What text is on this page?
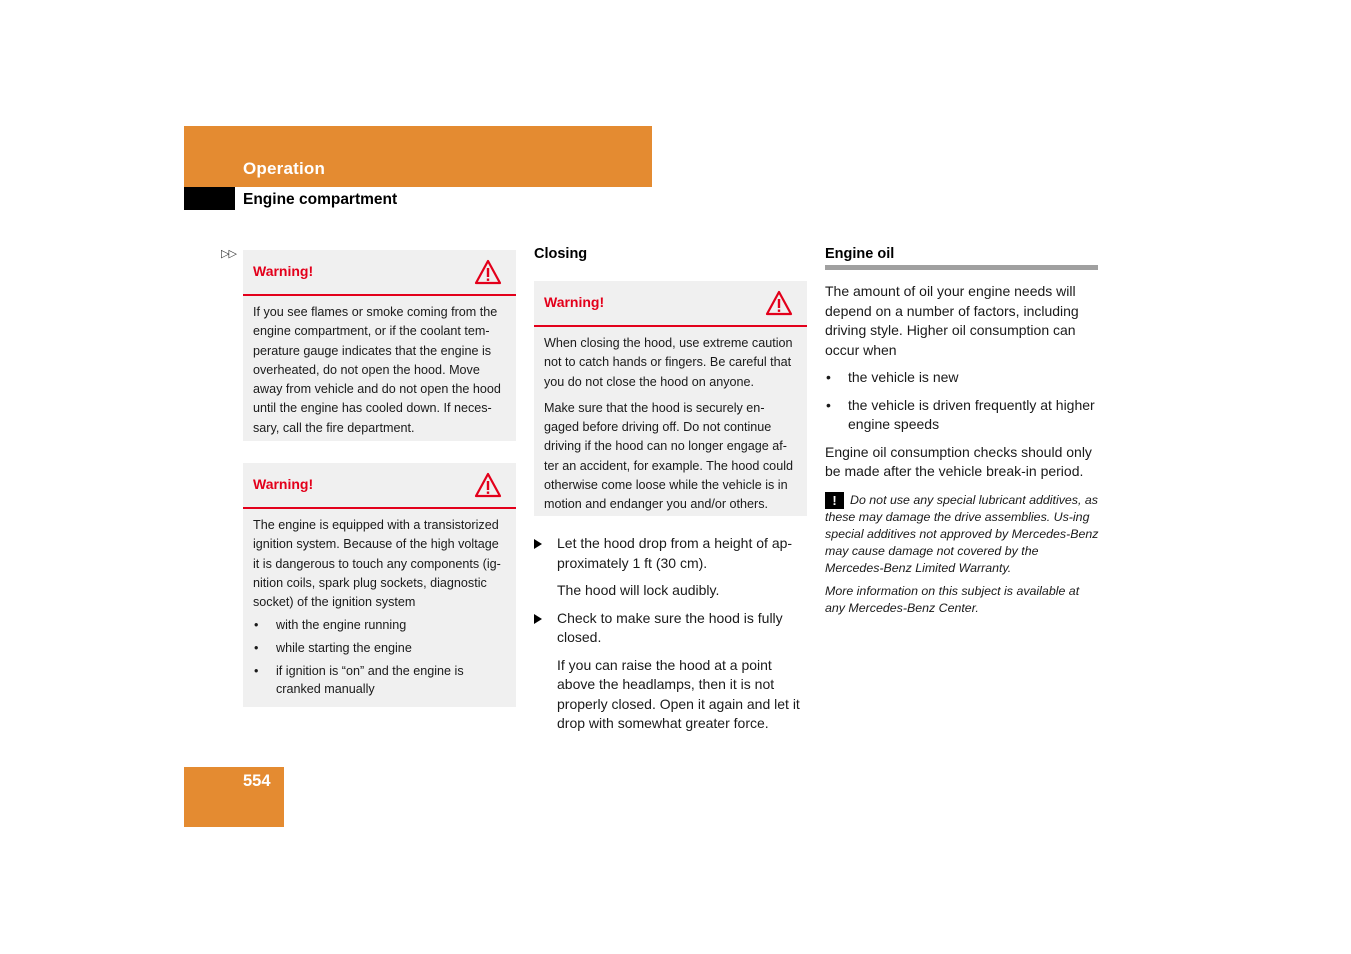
Operation
Engine compartment
▷▷
Warning!

If you see flames or smoke coming from the engine compartment, or if the coolant tem-perature gauge indicates that the engine is overheated, do not open the hood. Move away from vehicle and do not open the hood until the engine has cooled down. If neces-sary, call the fire department.

Warning!

The engine is equipped with a transistorized ignition system. Because of the high voltage it is dangerous to touch any components (ig-nition coils, spark plug sockets, diagnostic socket) of the ignition system

• with the engine running
• while starting the engine
• if ignition is “on” and the engine is cranked manually
Closing
Warning!

When closing the hood, use extreme caution not to catch hands or fingers. Be careful that you do not close the hood on anyone.

Make sure that the hood is securely en-gaged before driving off. Do not continue driving if the hood can no longer engage af-ter an accident, for example. The hood could otherwise come loose while the vehicle is in motion and endanger you and/or others.

Let the hood drop from a height of ap-proximately 1 ft (30 cm).
The hood will lock audibly.
Check to make sure the hood is fully closed.
If you can raise the hood at a point above the headlamps, then it is not properly closed. Open it again and let it drop with somewhat greater force.
Engine oil
The amount of oil your engine needs will depend on a number of factors, including driving style. Higher oil consumption can occur when
• the vehicle is new
• the vehicle is driven frequently at higher engine speeds
Engine oil consumption checks should only be made after the vehicle break-in period.

! Do not use any special lubricant additives, as these may damage the drive assemblies. Us-ing special additives not approved by Mercedes-Benz may cause damage not covered by the Mercedes-Benz Limited Warranty.

More information on this subject is available at any Mercedes-Benz Center.

554
